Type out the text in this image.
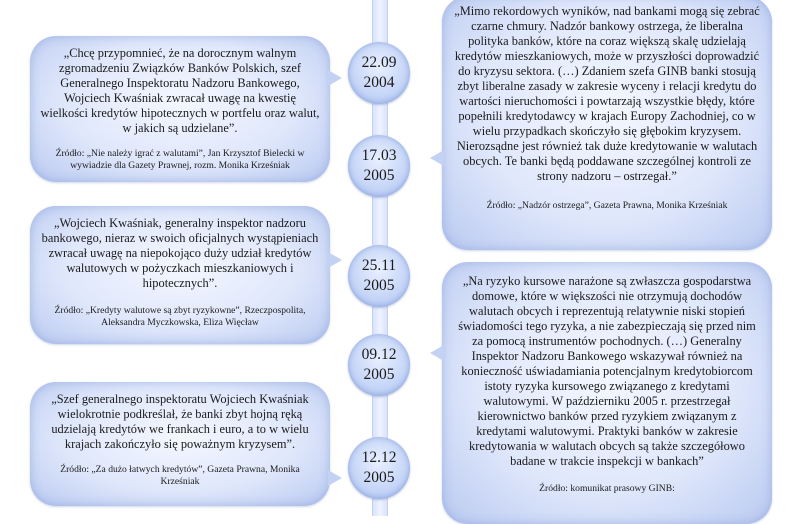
„Chcę przypomnieć, że na dorocznym walnym zgromadzeniu Związków Banków Polskich, szef Generalnego Inspektoratu Nadzoru Bankowego, Wojciech Kwaśniak zwracał uwagę na kwestię wielkości kredytów hipotecznych w portfelu oraz walut, w jakich są udzielane”.
Źródło: „Nie należy igrać z walutami”, Jan Krzysztof Bielecki w wywiadzie dla Gazety Prawnej, rozm. Monika Krześniak
„Wojciech Kwaśniak, generalny inspektor nadzoru bankowego, nieraz w swoich oficjalnych wystąpieniach zwracał uwagę na niepokojąco duży udział kredytów walutowych w pożyczkach mieszkaniowych i hipotecznych”.
Źródło: „Kredyty walutowe są zbyt ryzykowne”, Rzeczpospolita, Aleksandra Myczkowska, Eliza Więcław
„Szef generalnego inspektoratu Wojciech Kwaśniak wielokrotnie podkreślał, że banki zbyt hojną ręką udzielają kredytów we frankach i euro, a to w wielu krajach zakończyło się poważnym kryzysem”.
Źródło: „Za dużo łatwych kredytów”, Gazeta Prawna, Monika Krześniak
„Mimo rekordowych wyników, nad bankami mogą się zebrać czarne chmury. Nadzór bankowy ostrzega, że liberalna polityka banków, które na coraz większą skalę udzielają kredytów mieszkaniowych, może w przyszłości doprowadzić do kryzysu sektora. (…) Zdaniem szefa GINB banki stosują zbyt liberalne zasady w zakresie wyceny i relacji kredytu do wartości nieruchomości i powtarzają wszystkie błędy, które popełnili kredytodawcy w krajach Europy Zachodniej, co w wielu przypadkach skończyło się głębokim kryzysem. Nierozsądne jest również tak duże kredytowanie w walutach obcych. Te banki będą poddawane szczególnej kontroli ze strony nadzoru – ostrzegał.”
Źródło: „Nadzór ostrzega”, Gazeta Prawna, Monika Krześniak
„Na ryzyko kursowe narażone są zwłaszcza gospodarstwa domowe, które w większości nie otrzymują dochodów walutach obcych i reprezentują relatywnie niski stopień świadomości tego ryzyka, a nie zabezpieczają się przed nim za pomocą instrumentów pochodnych. (…) Generalny Inspektor Nadzoru Bankowego wskazywał również na konieczność uświadamiania potencjalnym kredytobiorcom istoty ryzyka kursowego związanego z kredytami walutowymi. W październiku 2005 r. przestrzegał kierownictwo banków przed ryzykiem związanym z kredytami walutowymi. Praktyki banków w zakresie kredytowania w walutach obcych są także szczegółowo badane w trakcie inspekcji w bankach”
Źródło: komunikat prasowy GINB:
22.09
2004
17.03
2005
25.11
2005
09.12
2005
12.12
2005
